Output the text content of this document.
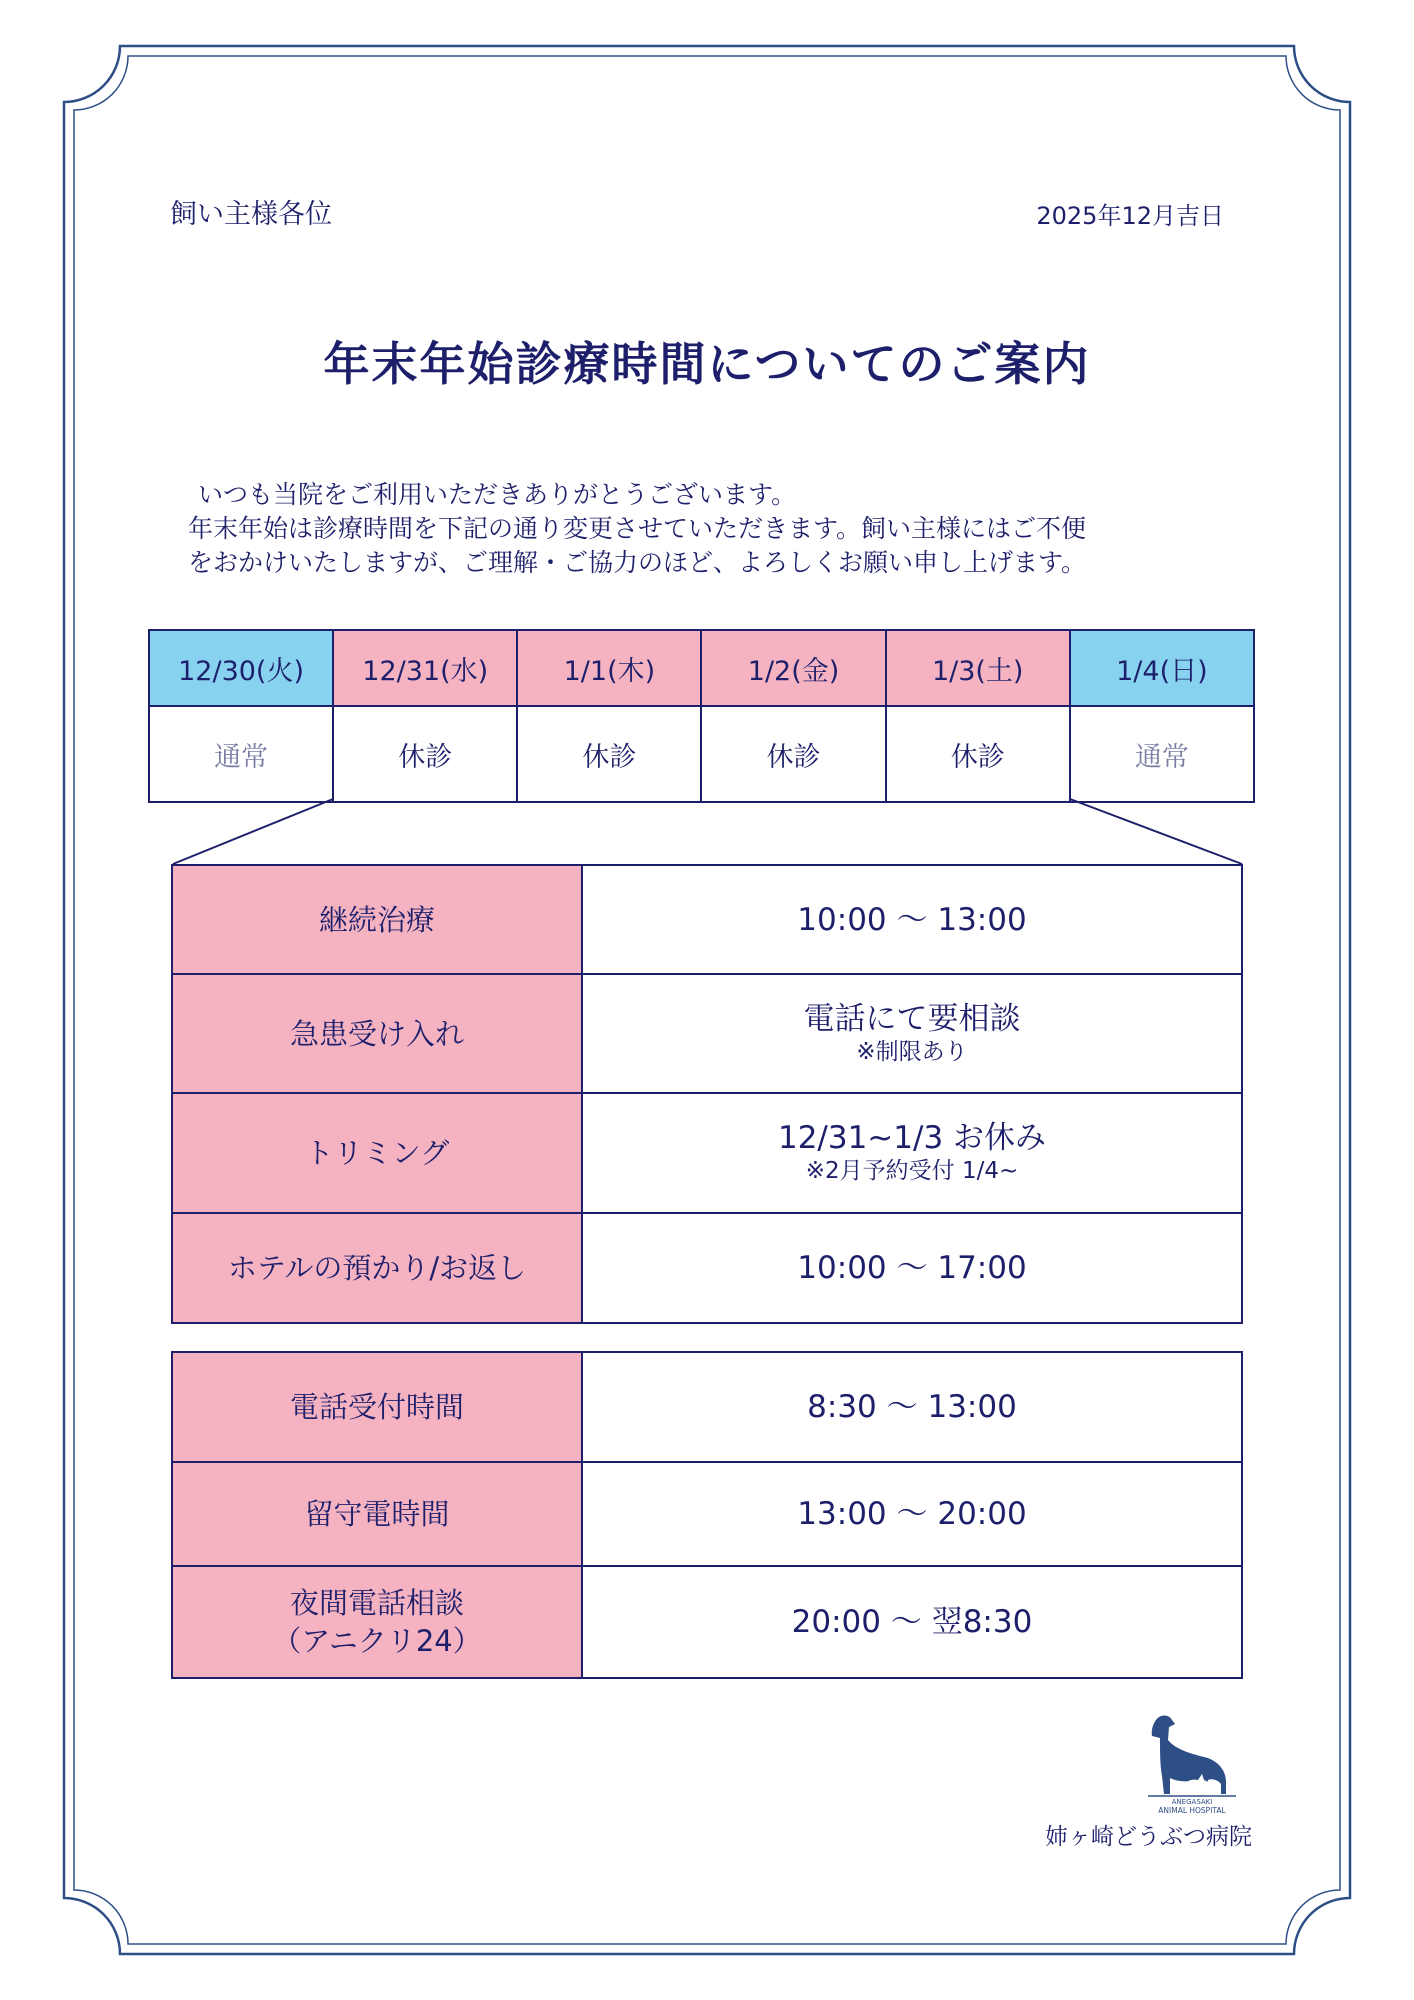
飼い主様各位	2025年12月吉日
年末年始診療時間についてのご案内

いつも当院をご利用いただきありがとうございます。

年末年始は診療時間を下記の通り変更させていただきます。飼い主様にはご不便

をおかけいたしますが、ご理解・ご協力のほど、よろしくお願い申し上げます。

12/30(火)	12/31(水)	1/1(木)	1/2(金)	1/3(土)	1/4(日)
通常	休診	休診	休診	休診	通常
継続治療	10:00 ～ 13:00

急患受け入れ	電話にて要相談
※制限あり

トリミング	12/31~1/3 お休み
※2月予約受付 1/4~

ホテルの預かり/お返し	10:00 ～ 17:00
電話受付時間	8:30 ～ 13:00
留守電時間	13:00 ～ 20:00

夜間電話相談
（アニクリ24）	20:00 ～ 翌8:30
ANEGASAKI
ANIMAL HOSPITAL
姉ヶ崎どうぶつ病院
